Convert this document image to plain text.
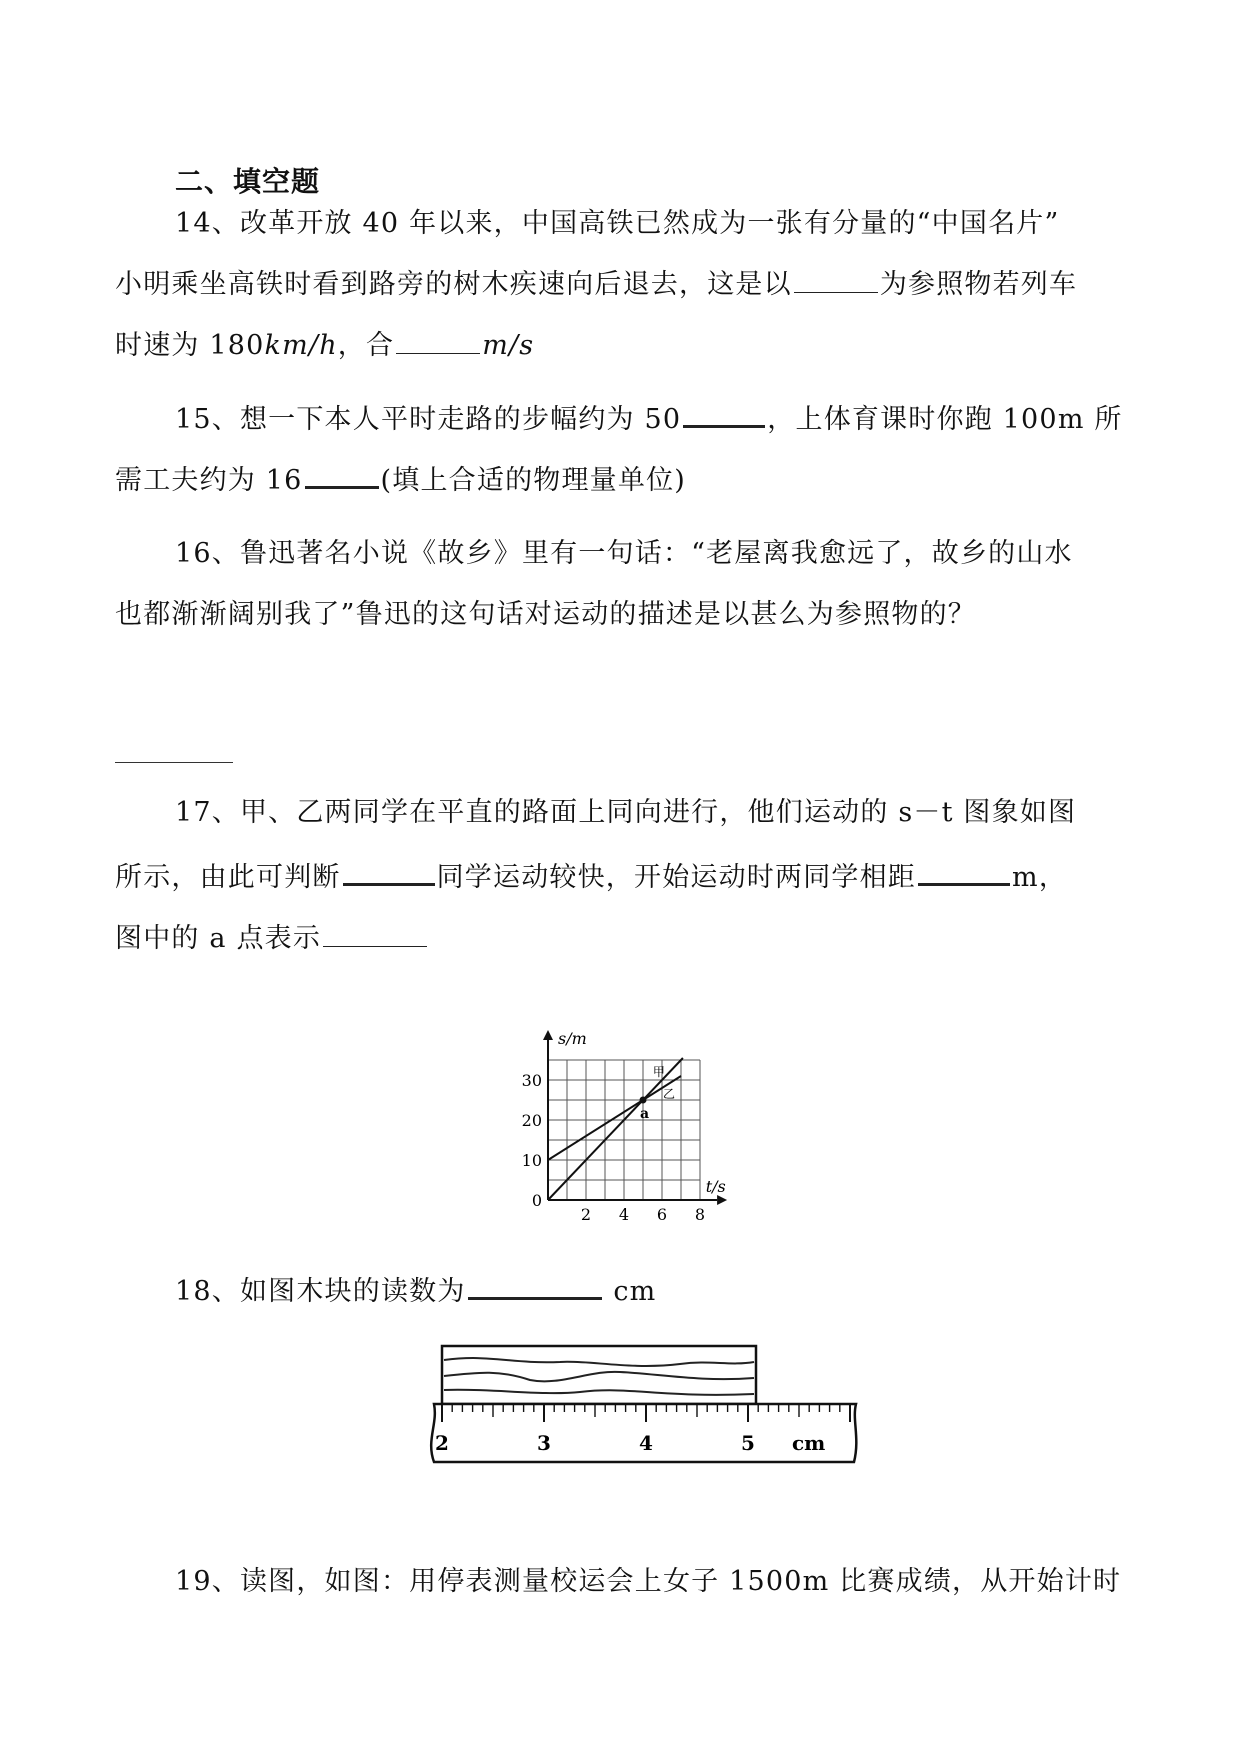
二、填空题
14、改革开放 40 年以来，中国高铁已然成为一张有分量的“中国名片”
小明乘坐高铁时看到路旁的树木疾速向后退去，这是以	为参照物若列车
时速为 180km/h，合	m/s
15、想一下本人平时走路的步幅约为 50	，上体育课时你跑 100m 所
需工夫约为 16	(填上合适的物理量单位)
16、鲁迅著名小说《故乡》里有一句话：“老屋离我愈远了，故乡的山水
也都渐渐阔别我了”鲁迅的这句话对运动的描述是以甚么为参照物的？
17、甲、乙两同学在平直的路面上同向进行，他们运动的 s－t 图象如图
所示，由此可判断	同学运动较快，开始运动时两同学相距	m，
图中的 a 点表示
2 4 6 8
0
10
20
30
s/m
t/s
甲
乙
a
18、如图木块的读数为	cm
2	3	4	5 cm
19、读图，如图：用停表测量校运会上女子 1500m 比赛成绩，从开始计时
